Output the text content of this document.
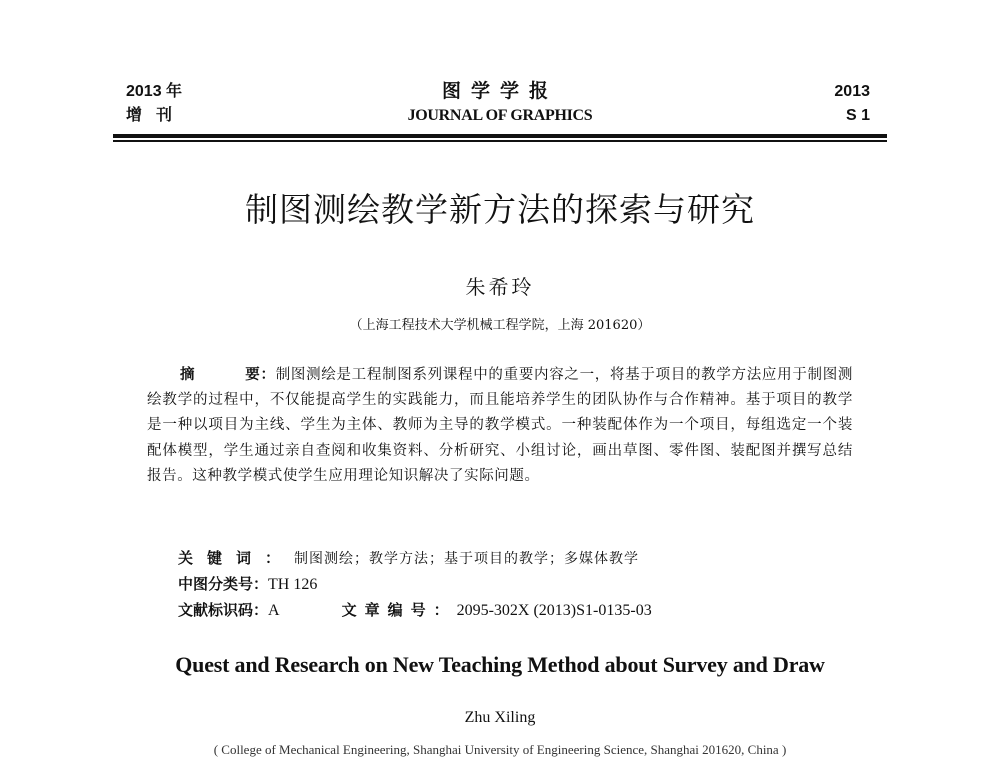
2013 年
增刊
图学学报
JOURNAL OF GRAPHICS
2013
S 1
制图测绘教学新方法的探索与研究
朱希玲
（上海工程技术大学机械工程学院，上海 201620）
摘	要：制图测绘是工程制图系列课程中的重要内容之一，将基于项目的教学方法应用于制图测绘教学的过程中，不仅能提高学生的实践能力，而且能培养学生的团队协作与合作精神。基于项目的教学是一种以项目为主线、学生为主体、教师为主导的教学模式。一种装配体作为一个项目，每组选定一个装配体模型，学生通过亲自查阅和收集资料、分析研究、小组讨论，画出草图、零件图、装配图并撰写总结报告。这种教学模式使学生应用理论知识解决了实际问题。
关键词：制图测绘；教学方法；基于项目的教学；多媒体教学
中图分类号：TH 126
文献标识码：A	文章编号：2095-302X (2013)S1-0135-03
Quest and Research on New Teaching Method about Survey and Draw
Zhu Xiling
( College of Mechanical Engineering, Shanghai University of Engineering Science, Shanghai 201620, China )
